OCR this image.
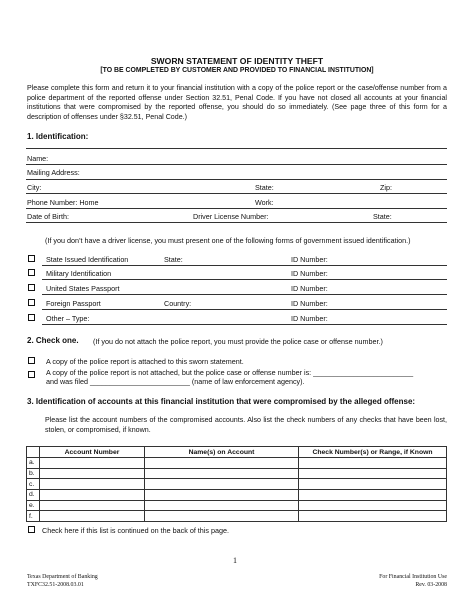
SWORN STATEMENT OF IDENTITY THEFT
[TO BE COMPLETED BY CUSTOMER AND PROVIDED TO FINANCIAL INSTITUTION]
Please complete this form and return it to your financial institution with a copy of the police report or the case/offense number from a police department of the reported offense under Section 32.51, Penal Code. If you have not closed all accounts at your financial institutions that were compromised by the reported offense, you should do so immediately. (See page three of this form for a description of offenses under §32.51, Penal Code.)
1. Identification:
Name:
Mailing Address:
City:	State:	Zip:
Phone Number: Home	Work:
Date of Birth:	Driver License Number:	State:
(If you don’t have a driver license, you must present one of the following forms of government issued identification.)
State Issued Identification	State:	ID Number:
Military Identification	ID Number:
United States Passport	ID Number:
Foreign Passport	Country:	ID Number:
Other – Type:	ID Number:
2. Check one. (If you do not attach the police report, you must provide the police case or offense number.)
A copy of the police report is attached to this sworn statement.
A copy of the police report is not attached, but the police case or offense number is: _________________________
and was filed _________________________ (name of law enforcement agency).
3. Identification of accounts at this financial institution that were compromised by the alleged offense:
Please list the account numbers of the compromised accounts. Also list the check numbers of any checks that have been lost, stolen, or compromised, if known.
	Account Number	Name(s) on Account	Check Number(s) or Range, if Known
a.			
b.			
c.			
d.			
e.			
f.			
Check here if this list is continued on the back of this page.
1
Texas Department of Banking
TXFC32.51-2008.03.01
For Financial Institution Use
Rev. 03-2008
